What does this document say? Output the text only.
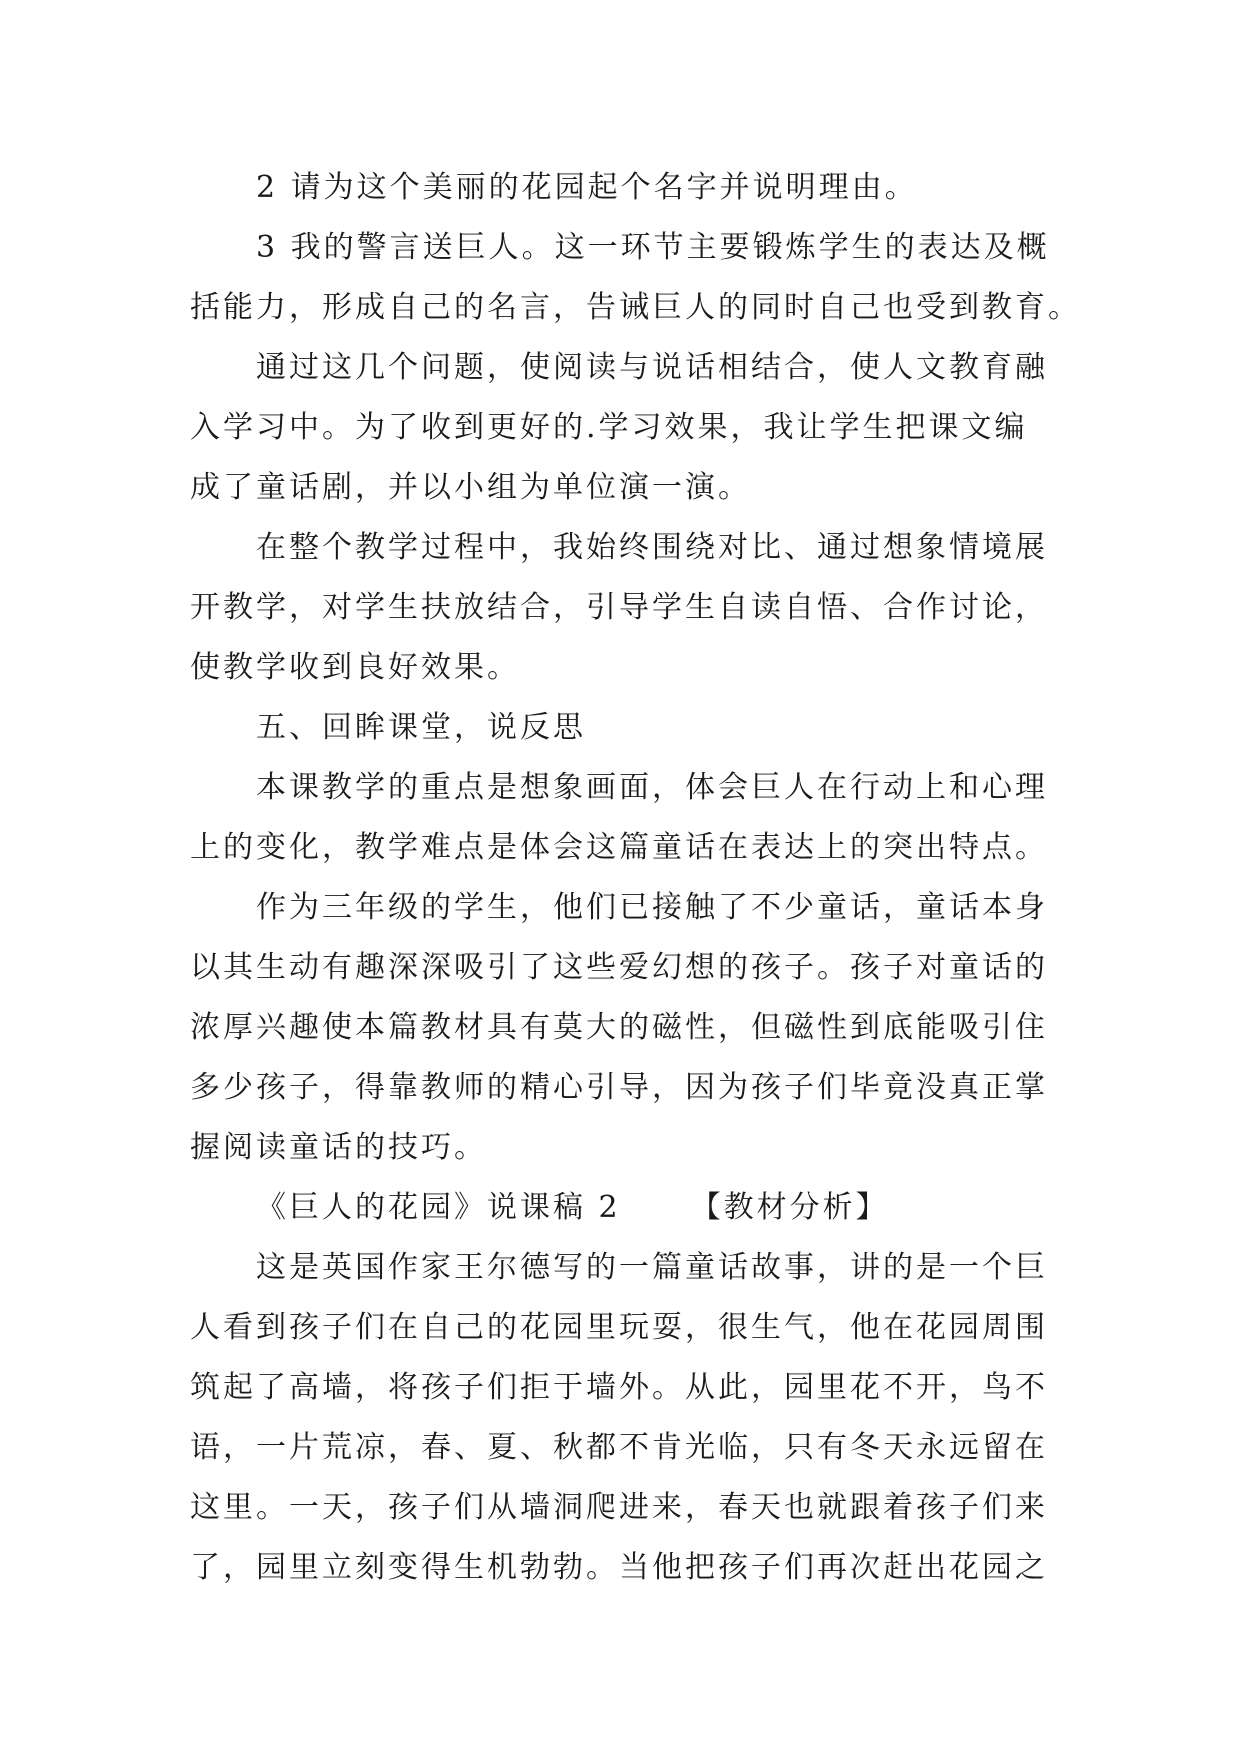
2 请为这个美丽的花园起个名字并说明理由。
3 我的警言送巨人。这一环节主要锻炼学生的表达及概
括能力，形成自己的名言，告诫巨人的同时自己也受到教育。
通过这几个问题，使阅读与说话相结合，使人文教育融
入学习中。为了收到更好的.学习效果，我让学生把课文编
成了童话剧，并以小组为单位演一演。
在整个教学过程中，我始终围绕对比、通过想象情境展
开教学，对学生扶放结合，引导学生自读自悟、合作讨论，
使教学收到良好效果。
五、回眸课堂，说反思
本课教学的重点是想象画面，体会巨人在行动上和心理
上的变化，教学难点是体会这篇童话在表达上的突出特点。
作为三年级的学生，他们已接触了不少童话，童话本身
以其生动有趣深深吸引了这些爱幻想的孩子。孩子对童话的
浓厚兴趣使本篇教材具有莫大的磁性，但磁性到底能吸引住
多少孩子，得靠教师的精心引导，因为孩子们毕竟没真正掌
握阅读童话的技巧。
《巨人的花园》说课稿 2 【教材分析】
这是英国作家王尔德写的一篇童话故事，讲的是一个巨
人看到孩子们在自己的花园里玩耍，很生气，他在花园周围
筑起了高墙，将孩子们拒于墙外。从此，园里花不开，鸟不
语，一片荒凉，春、夏、秋都不肯光临，只有冬天永远留在
这里。一天，孩子们从墙洞爬进来，春天也就跟着孩子们来
了，园里立刻变得生机勃勃。当他把孩子们再次赶出花园之
